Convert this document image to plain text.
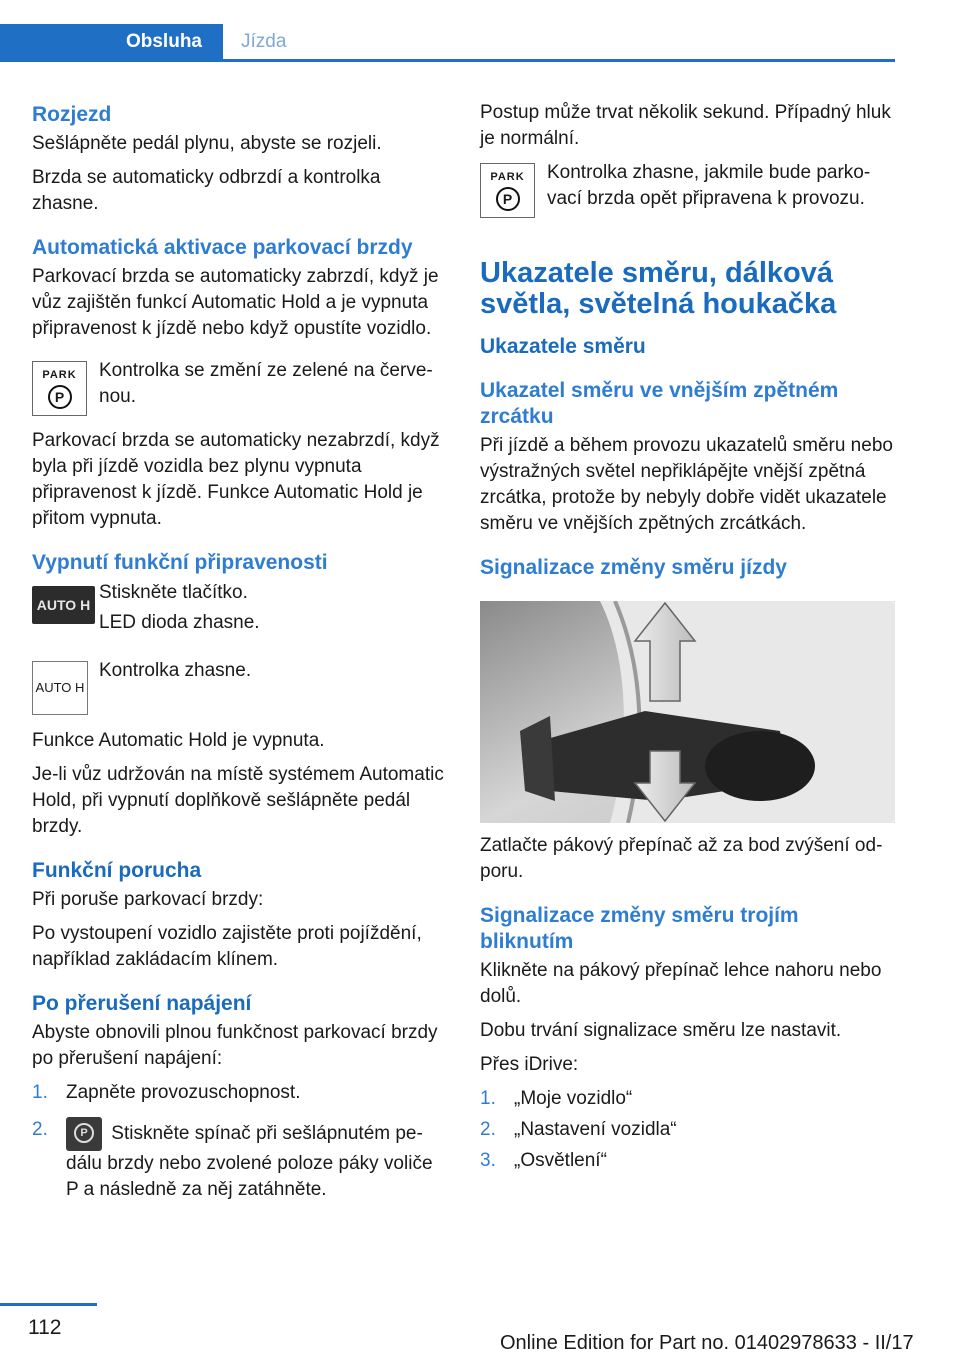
Obsluha	Jízda
Rozjezd

Sešlápněte pedál plynu, abyste se rozjeli.

Brzda se automaticky odbrzdí a kontrolka zhasne.

Automatická aktivace parkovací brzdy

Parkovací brzda se automaticky zabrzdí, když je vůz zajištěn funkcí Automatic Hold a je vypnuta připravenost k jízdě nebo když opustíte vozidlo.

PARK
P

Kontrolka se změní ze zelené na červenou.

Parkovací brzda se automaticky nezabrzdí, když byla při jízdě vozidla bez plynu vypnuta připravenost k jízdě. Funkce Automatic Hold je přitom vypnuta.

Vypnutí funkční připravenosti
AUTO H

Stiskněte tlačítko.

LED dioda zhasne.

AUTO H

Kontrolka zhasne.

Funkce Automatic Hold je vypnuta.

Je-li vůz udržován na místě systémem Automatic Hold, při vypnutí doplňkově sešlápněte pedál brzdy.

Funkční porucha

Při poruše parkovací brzdy:

Po vystoupení vozidlo zajistěte proti pojíždění, například zakládacím klínem.

Po přerušení napájení

Abyste obnovili plnou funkčnost parkovací brzdy po přerušení napájení:

1. Zapněte provozuschopnost.
2.	P Stiskněte spínač při sešlápnutém pedálu brzdy nebo zvolené poloze páky voliče P a následně za něj zatáhněte.

Postup může trvat několik sekund. Případný hluk je normální.

PARK
P

Kontrolka zhasne, jakmile bude parkovací brzda opět připravena k provozu.

Ukazatele směru, dálková světla, světelná houkačka
Ukazatele směru
Ukazatel směru ve vnějším zpětném zrcátku

Při jízdě a během provozu ukazatelů směru nebo výstražných světel nepřiklápějte vnější zpětná zrcátka, protože by nebyly dobře vidět ukazatele směru ve vnějších zpětných zrcátkách.

Signalizace změny směru jízdy

Zatlačte pákový přepínač až za bod zvýšení odporu.

Signalizace změny směru trojím bliknutím

Klikněte na pákový přepínač lehce nahoru nebo dolů.

Dobu trvání signalizace směru lze nastavit.

Přes iDrive:

1. „Moje vozidlo“
2. „Nastavení vozidla“
3. „Osvětlení“
112
Online Edition for Part no. 01402978633 - II/17
